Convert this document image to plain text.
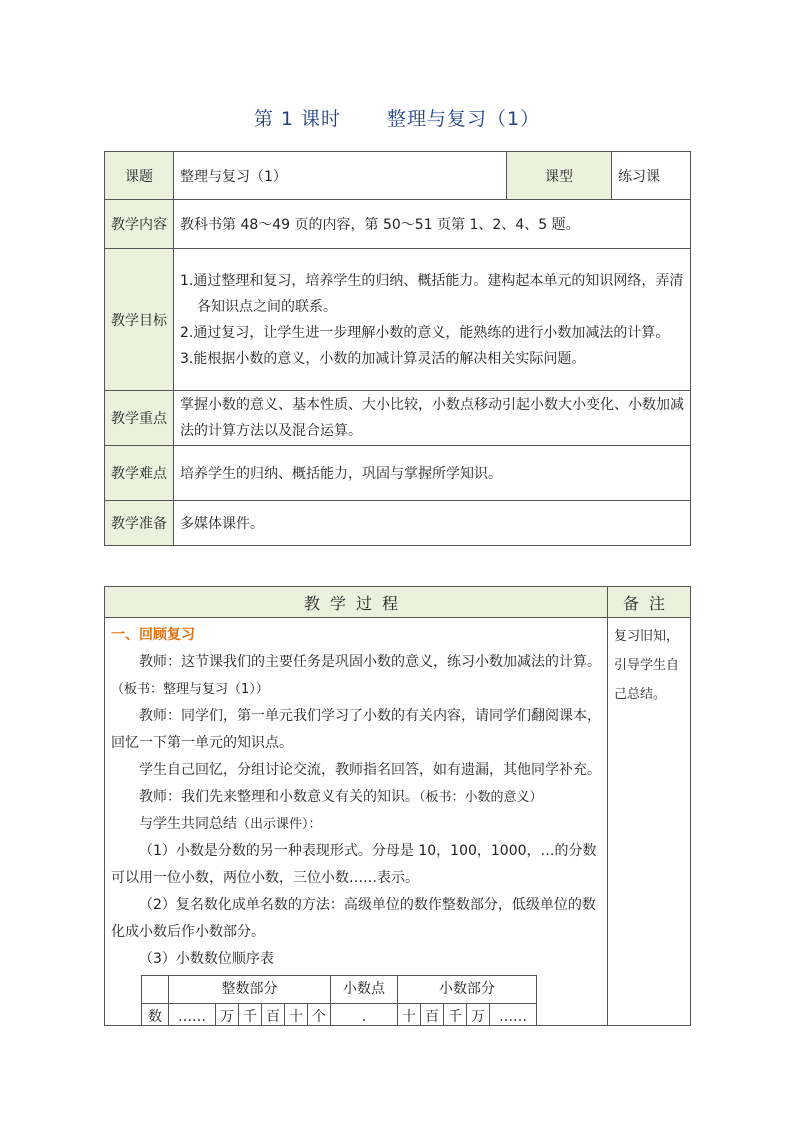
第 1 课时 整理与复习（1）
课题	整理与复习（1）	课型	练习课
教学内容	教科书第 48～49 页的内容，第 50～51 页第 1、2、4、5 题。		
教学目标	1.通过整理和复习，培养学生的归纳、概括能力。建构起本单元的知识网络，弄清各知识点之间的联系。
2.通过复习，让学生进一步理解小数的意义，能熟练的进行小数加减法的计算。
3.能根据小数的意义，小数的加减计算灵活的解决相关实际问题。		

教学重点	掌握小数的意义、基本性质、大小比较，小数点移动引起小数大小变化、小数加减法的计算方法以及混合运算。		
教学难点	培养学生的归纳、概括能力，巩固与掌握所学知识。		
教学准备	多媒体课件。		
教学过程	备注

一、回顾复习

教师：这节课我们的主要任务是巩固小数的意义，练习小数加减法的计算。（板书：整理与复习（1））

教师：同学们，第一单元我们学习了小数的有关内容，请同学们翻阅课本，回忆一下第一单元的知识点。

学生自己回忆，分组讨论交流，教师指名回答，如有遗漏，其他同学补充。

教师：我们先来整理和小数意义有关的知识。（板书：小数的意义）

与学生共同总结（出示课件）：

（1）小数是分数的另一种表现形式。分母是 10，100，1000，…的分数可以用一位小数，两位小数，三位小数……表示。

（2）复名数化成单名数的方法：高级单位的数作整数部分，低级单位的数化成小数后作小数部分。

（3）小数数位顺序表

	整数部分	小数点	小数部分
数	……	万	千	百	十	个	.	十	百	千	万	……

复习旧知，引导学生自己总结。
